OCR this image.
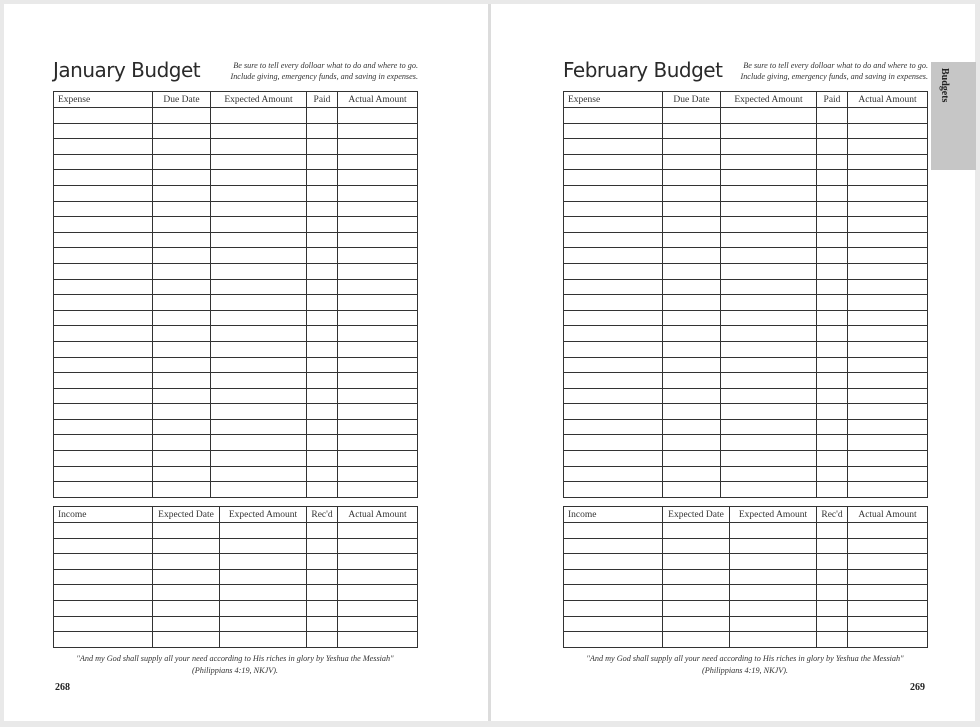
January Budget	Be sure to tell every dolloar what to do and where to go.
Include giving, emergency funds, and saving in expenses.
Expense	Due Date	Expected Amount	Paid	Actual Amount

Income	Expected Date	Expected Amount	Rec'd	Actual Amount

"And my God shall supply all your need according to His riches in glory by Yeshua the Messiah"
(Philippians 4:19, NKJV).
268
February Budget	Be sure to tell every dolloar what to do and where to go.
Include giving, emergency funds, and saving in expenses.
Expense	Due Date	Expected Amount	Paid	Actual Amount

Income	Expected Date	Expected Amount	Rec'd	Actual Amount

"And my God shall supply all your need according to His riches in glory by Yeshua the Messiah"
(Philippians 4:19, NKJV).
269
Budgets
